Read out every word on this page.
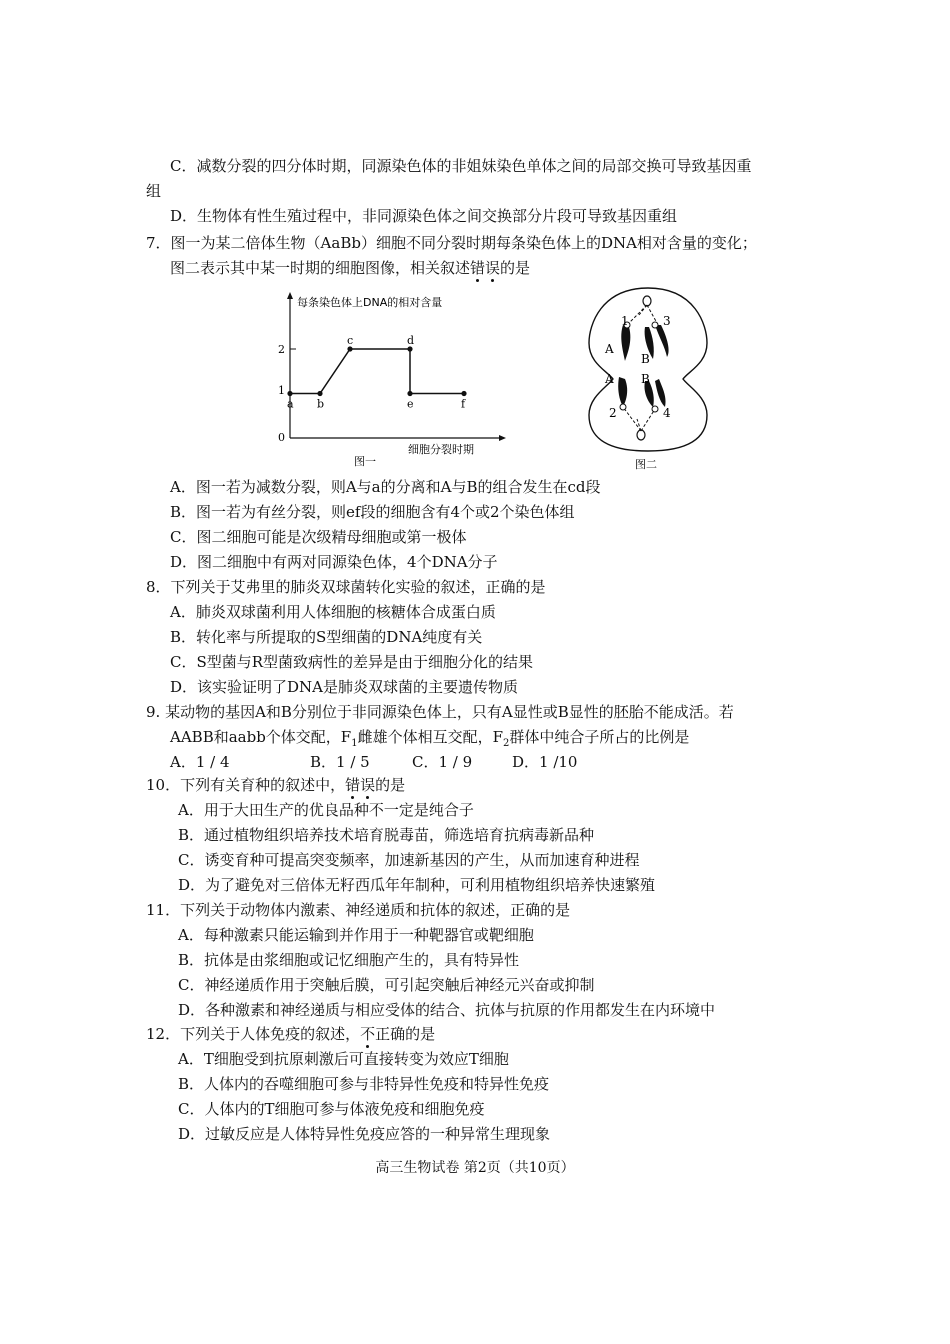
C．减数分裂的四分体时期，同源染色体的非姐妹染色单体之间的局部交换可导致基因重
组
D．生物体有性生殖过程中，非同源染色体之间交换部分片段可导致基因重组
7．图一为某二倍体生物（AaBb）细胞不同分裂时期每条染色体上的DNA相对含量的变化；
图二表示其中某一时期的细胞图像，相关叙述错误的是
每条染色体上DNA的相对含量
细胞分裂时期
图一
0
1
2
a b
c	d
e	f
1	3
2	4
A
B
A B
图二
A．图一若为减数分裂，则A与a的分离和A与B的组合发生在cd段
B．图一若为有丝分裂，则ef段的细胞含有4个或2个染色体组
C．图二细胞可能是次级精母细胞或第一极体
D．图二细胞中有两对同源染色体，4个DNA分子
8．下列关于艾弗里的肺炎双球菌转化实验的叙述，正确的是
A．肺炎双球菌利用人体细胞的核糖体合成蛋白质
B．转化率与所提取的S型细菌的DNA纯度有关
C．S型菌与R型菌致病性的差异是由于细胞分化的结果
D．该实验证明了DNA是肺炎双球菌的主要遗传物质
9. 某动物的基因A和B分别位于非同源染色体上，只有A显性或B显性的胚胎不能成活。若
AABB和aabb个体交配，$F_1$雌雄个体相互交配，$F_2$群体中纯合子所占的比例是
A．1 / 4	B．1 / 5	C．1 / 9	D．1 /10
10．下列有关育种的叙述中，错误的是
A．用于大田生产的优良品种不一定是纯合子
B．通过植物组织培养技术培育脱毒苗，筛选培育抗病毒新品种
C．诱变育种可提高突变频率，加速新基因的产生，从而加速育种进程
D．为了避免对三倍体无籽西瓜年年制种，可利用植物组织培养快速繁殖
11．下列关于动物体内激素、神经递质和抗体的叙述，正确的是
A．每种激素只能运输到并作用于一种靶器官或靶细胞
B．抗体是由浆细胞或记忆细胞产生的，具有特异性
C．神经递质作用于突触后膜，可引起突触后神经元兴奋或抑制
D．各种激素和神经递质与相应受体的结合、抗体与抗原的作用都发生在内环境中
12．下列关于人体免疫的叙述，不正确的是
A．T细胞受到抗原刺激后可直接转变为效应T细胞
B．人体内的吞噬细胞可参与非特异性免疫和特异性免疫
C．人体内的T细胞可参与体液免疫和细胞免疫
D．过敏反应是人体特异性免疫应答的一种异常生理现象
高三生物试卷 第2页（共10页）
